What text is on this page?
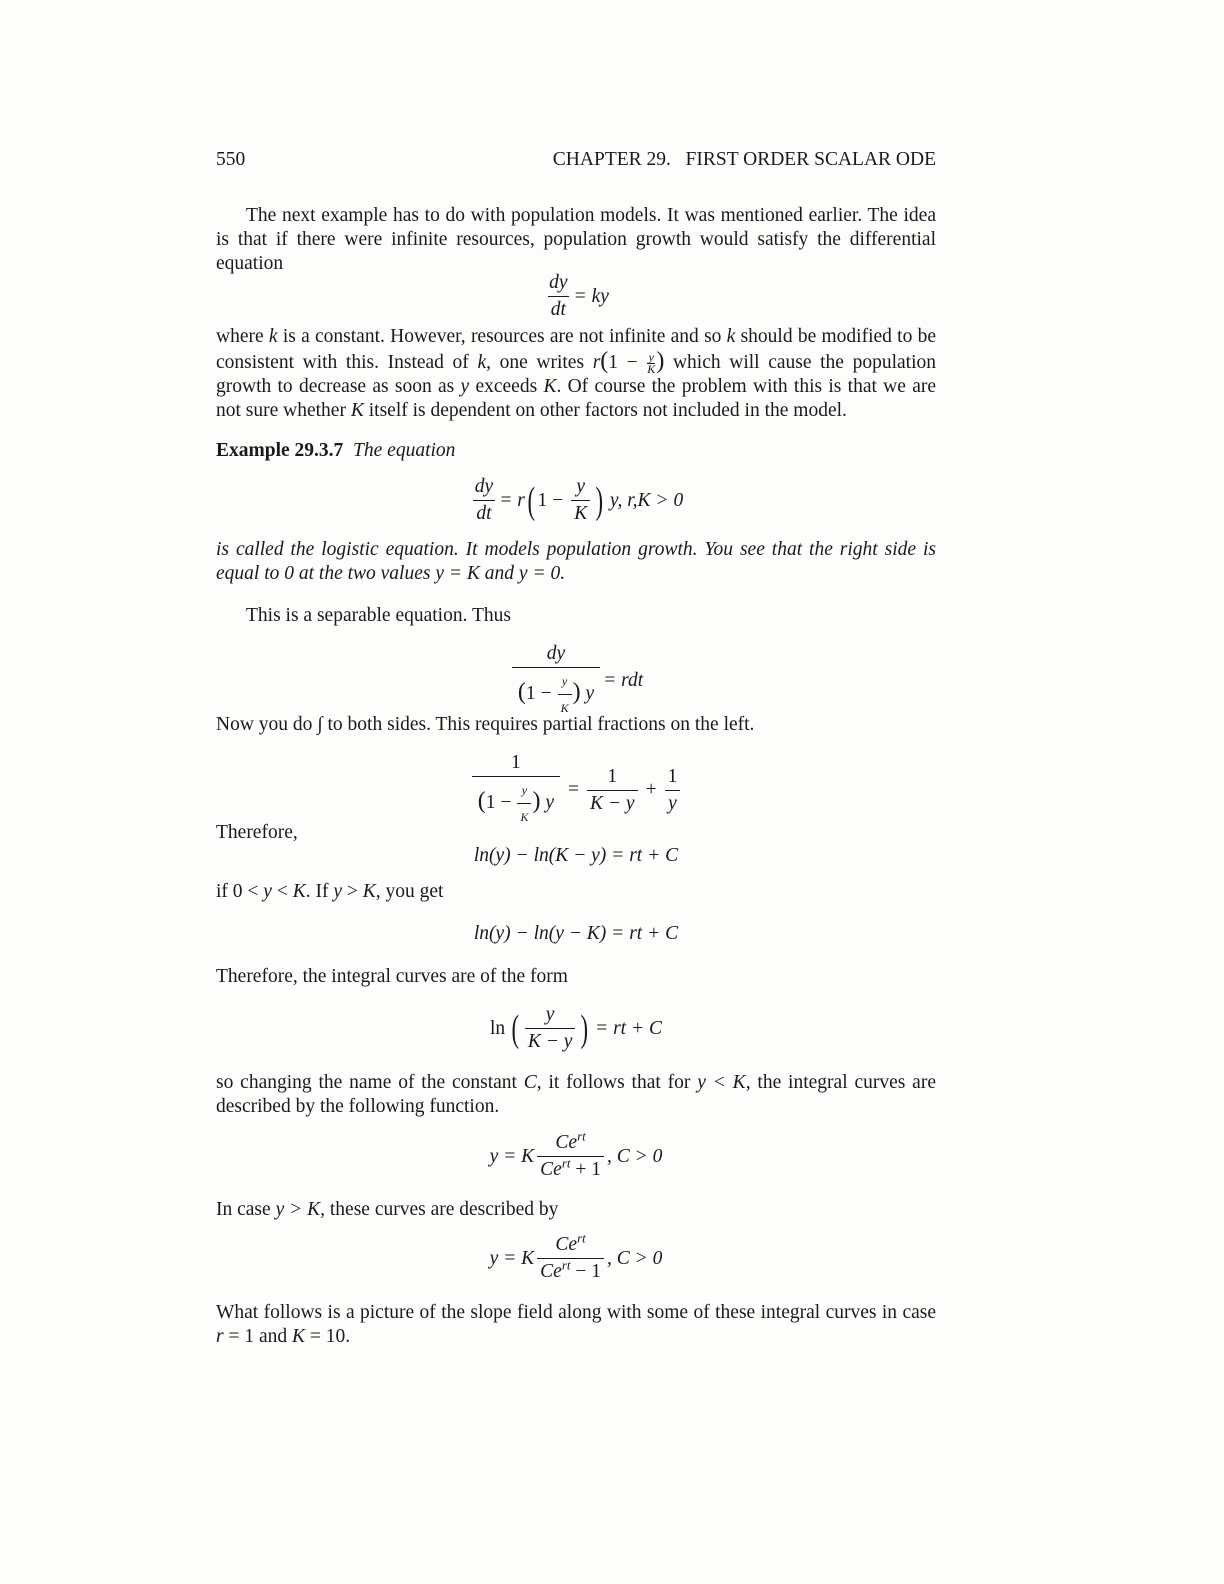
550	CHAPTER 29.   FIRST ORDER SCALAR ODE

The next example has to do with population models. It was mentioned earlier. The idea is that if there were infinite resources, population growth would satisfy the differential equation

$\frac{dy}{dt}$ = ky

where k is a constant. However, resources are not infinite and so k should be modified to be consistent with this. Instead of k, one writes $r(1 - \frac{y}{K}$ ) which will cause the population growth to decrease as soon as y exceeds K. Of course the problem with this is that we are not sure whether K itself is dependent on other factors not included in the model.

Example 29.3.7 The equation

$\frac{dy}{dt} = r$ ( $1 - \frac{y}{K}$ ) y, r,K > 0

is called the logistic equation. It models population growth. You see that the right side is equal to 0 at the two values y = K and y = 0.

This is a separable equation. Thus

$\frac{dy}{(1 - \frac{y}{K} ) y}$ = rdt

Now you do ∫ to both sides. This requires partial fractions on the left.

$\frac{1}{(1 - \frac{y}{K} ) y} = \frac{1}{K - y} + \frac{1}{y}$

Therefore,

ln(y) − ln(K − y) = rt + C

if 0 < y < K. If y > K, you get

ln(y) − ln(y − K) = rt + C

Therefore, the integral curves are of the form

ln ( $\frac{y}{K - y}$ ) = rt + C

so changing the name of the constant C, it follows that for y < K, the integral curves are described by the following function.

y = K $\frac{Ce^{rt}}{Ce^{rt} + 1}$ , C > 0

In case y > K, these curves are described by

y = K $\frac{Ce^{rt}}{Ce^{rt} - 1}$ , C > 0

What follows is a picture of the slope field along with some of these integral curves in case r = 1 and K = 10.
